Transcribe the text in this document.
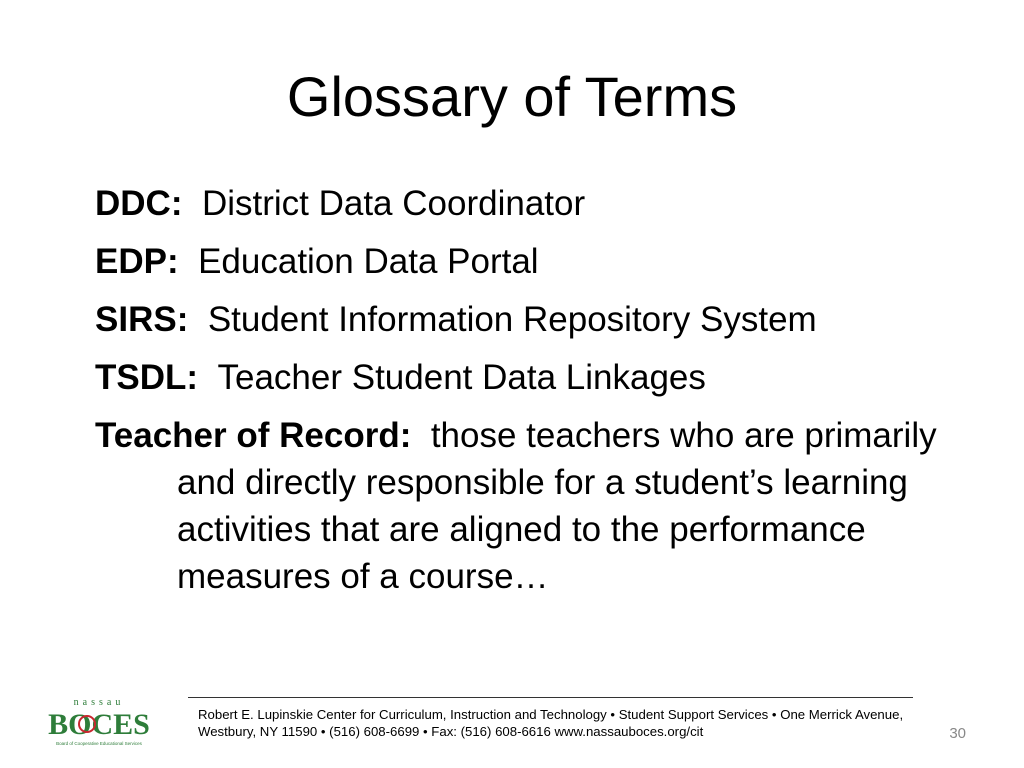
Glossary of Terms

DDC: District Data Coordinator

EDP: Education Data Portal

SIRS: Student Information Repository System

TSDL: Teacher Student Data Linkages

Teacher of Record: those teachers who are primarily and directly responsible for a student’s learning activities that are aligned to the performance measures of a course…

nassau
BOCES
Board of Cooperative Educational Services
Robert E. Lupinskie Center for Curriculum, Instruction and Technology • Student Support Services • One Merrick Avenue, Westbury, NY 11590 • (516) 608-6699 • Fax: (516) 608-6616 www.nassauboces.org/cit	30
